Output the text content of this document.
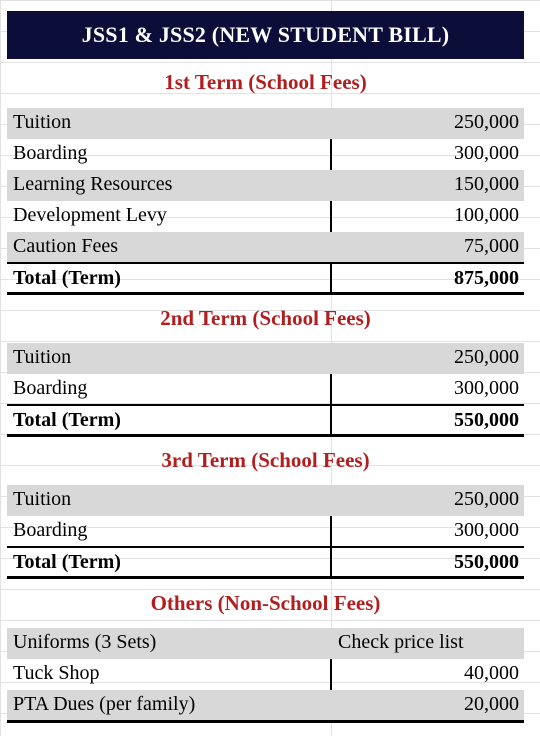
JSS1 & JSS2 (NEW STUDENT BILL)
1st Term (School Fees)
Tuition	250,000
Boarding	300,000
Learning Resources	150,000
Development Levy	100,000
Caution Fees	75,000
Total (Term)	875,000
2nd Term (School Fees)
Tuition	250,000
Boarding	300,000
Total (Term)	550,000
3rd Term (School Fees)
Tuition	250,000
Boarding	300,000
Total (Term)	550,000
Others (Non-School Fees)
Uniforms (3 Sets)	Check price list
Tuck Shop	40,000
PTA Dues (per family)	20,000
